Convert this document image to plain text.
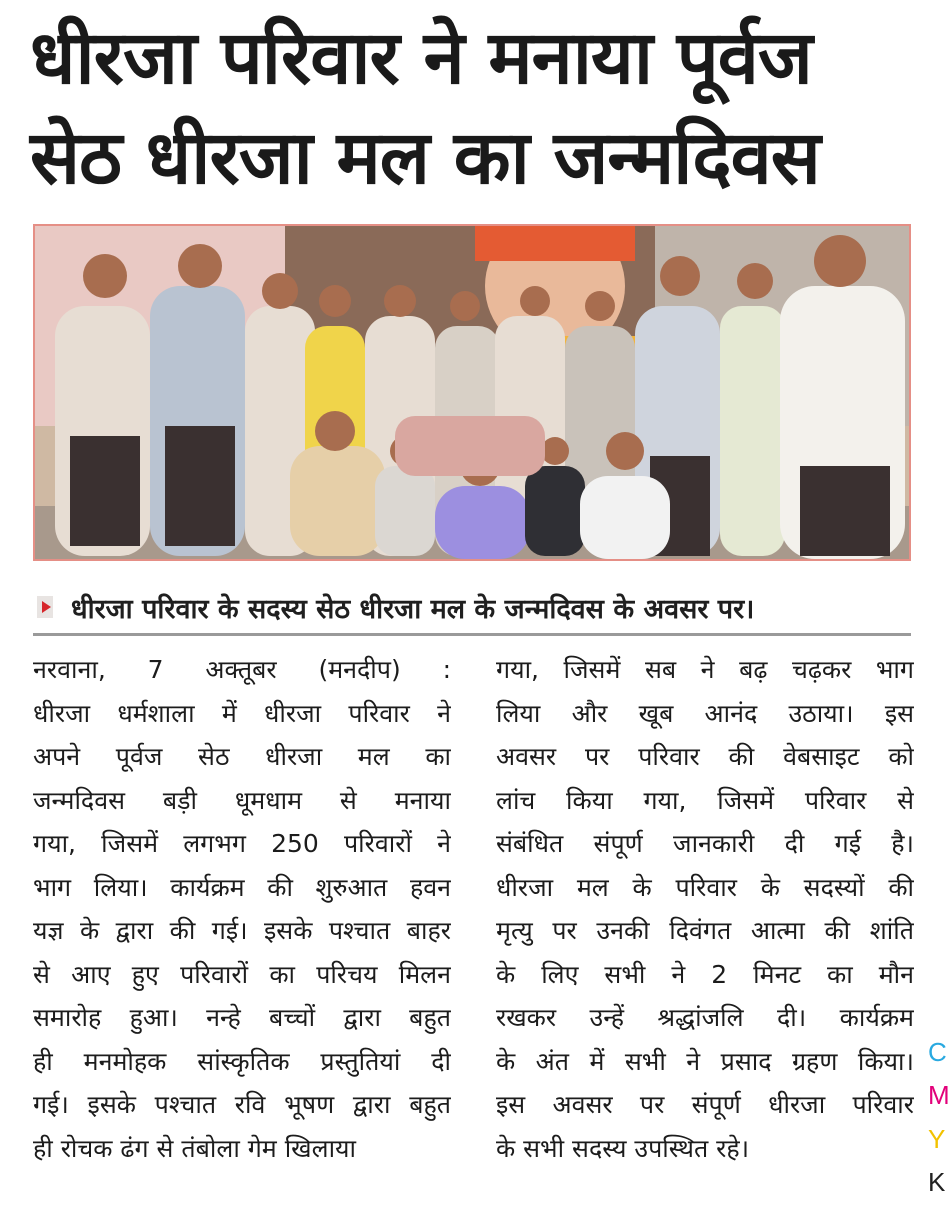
धीरजा परिवार ने मनाया पूर्वज
सेठ धीरजा मल का जन्मदिवस
धीरजा परिवार के सदस्य सेठ धीरजा मल के जन्मदिवस के अवसर पर।

नरवाना, 7 अक्तूबर (मनदीप) :

धीरजा धर्मशाला में धीरजा परिवार ने

अपने पूर्वज सेठ धीरजा मल का

जन्मदिवस बड़ी धूमधाम से मनाया

गया, जिसमें लगभग 250 परिवारों ने

भाग लिया। कार्यक्रम की शुरुआत हवन

यज्ञ के द्वारा की गई। इसके पश्चात बाहर

से आए हुए परिवारों का परिचय मिलन

समारोह हुआ। नन्हे बच्चों द्वारा बहुत

ही मनमोहक सांस्कृतिक प्रस्तुतियां दी

गई। इसके पश्चात रवि भूषण द्वारा बहुत

ही रोचक ढंग से तंबोला गेम खिलाया

गया, जिसमें सब ने बढ़ चढ़कर भाग

लिया और खूब आनंद उठाया। इस

अवसर पर परिवार की वेबसाइट को

लांच किया गया, जिसमें परिवार से

संबंधित संपूर्ण जानकारी दी गई है।

धीरजा मल के परिवार के सदस्यों की

मृत्यु पर उनकी दिवंगत आत्मा की शांति

के लिए सभी ने 2 मिनट का मौन

रखकर उन्हें श्रद्धांजलि दी। कार्यक्रम

के अंत में सभी ने प्रसाद ग्रहण किया।

इस अवसर पर संपूर्ण धीरजा परिवार

के सभी सदस्य उपस्थित रहे।

C
M
Y
K
